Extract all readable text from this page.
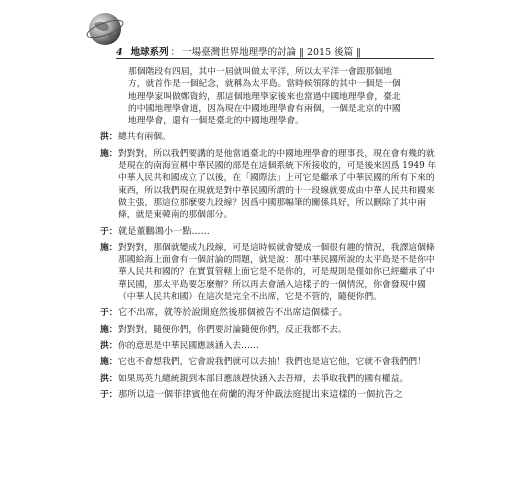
4 地球系列 ： 一場臺灣世界地理學的討論 ‖ 2015 後篇 ‖

那個階段有四屆，其中一屆就叫做太平洋，所以太平洋一會跟那個地

方，就首作是一個紀念，就稱為太平島。當時候領隊的其中一個是一個

地理學家叫做鄭資約，那這個地理學家後來也當過中國地理學會，臺北

的中國地理學會道，因為現在中國地理學會有兩個，一個是北京的中國

地理學會，還有一個是臺北的中國地理學會。

洪： 總共有兩個。
施： 對對對，所以我們要講的是他當過臺北的中國地理學會的理事長，現在會有幾的就是現在的南海宣稱中華民國的部是在這個系統下所接收的，可是後來因爲 1949 年中華人民共和國成立了以後，在「國際法」上可它是繼承了中華民國的所有下來的東西，所以我們現在現就是對中華民國所謂的十一段線就要成由中華人民共和國來做主張，那這位那麼要九段線？因爲中國那幅筆的關係具好，所以刪除了其中兩條，就是東韓南的那個部分。
于： 就是董鵬鴻小一點……
施： 對對對，那個就變成九段線，可是這時候就會變成一個很有趣的情況，我譯這個條那國給海上面會有一個討論的問題，就是說：那中華民國所說的太平島是不是你中華人民共和國的？在實質管轄上面它是不是你的，可是規則是僅如你已經繼承了中華民國，那太平島要怎麼辦？所以再去會涵入這樣子的一個情況，你會發現中國（中華人民共和國）在這次是完全不出席，它是不管的，隨便你們。
于： 它不出席，就等於說開庭然後那個被告不出席這個樣子。
施： 對對對，隨便你們，你們要討論隨便你們，反正我都不去。
洪： 你的意思是中華民國應該涵入去……
施： 它也不會想我們，它會說我們就可以去抽！我們也是這它他，它就不會我們們！
洪： 如果馬英九總統親到本部目應該趕快涵入去吾辯，去爭取我們的國有權益。
于： 那所以這一個菲律賓他在荷蘭的海牙仲裁法庭提出來這樣的一個抗告之
